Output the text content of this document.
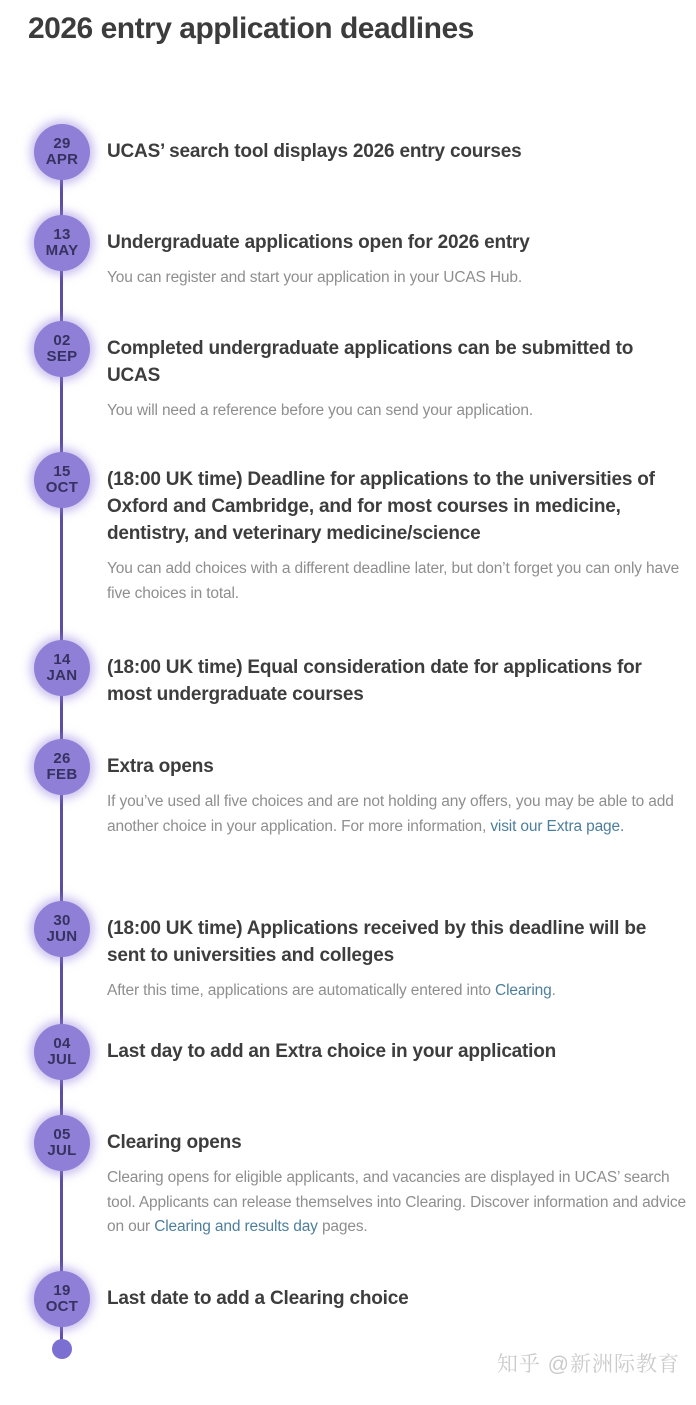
2026 entry application deadlines
29
APR UCAS’ search tool displays 2026 entry courses
13
MAY Undergraduate applications open for 2026 entry

You can register and start your application in your UCAS Hub.

02
SEP Completed undergraduate applications can be submitted to UCAS

You will need a reference before you can send your application.

15
OCT (18:00 UK time) Deadline for applications to the universities of Oxford and Cambridge, and for most courses in medicine, dentistry, and veterinary medicine/science

You can add choices with a different deadline later, but don’t forget you can only have five choices in total.

14
JAN (18:00 UK time) Equal consideration date for applications for most undergraduate courses
26
FEB Extra opens

If you’ve used all five choices and are not holding any offers, you may be able to add another choice in your application. For more information, visit our Extra page.

30
JUN (18:00 UK time) Applications received by this deadline will be sent to universities and colleges

After this time, applications are automatically entered into Clearing.

04
JUL Last day to add an Extra choice in your application
05
JUL Clearing opens

Clearing opens for eligible applicants, and vacancies are displayed in UCAS’ search tool. Applicants can release themselves into Clearing. Discover information and advice on our Clearing and results day pages.

19
OCT Last date to add a Clearing choice
知乎 @新洲际教育
